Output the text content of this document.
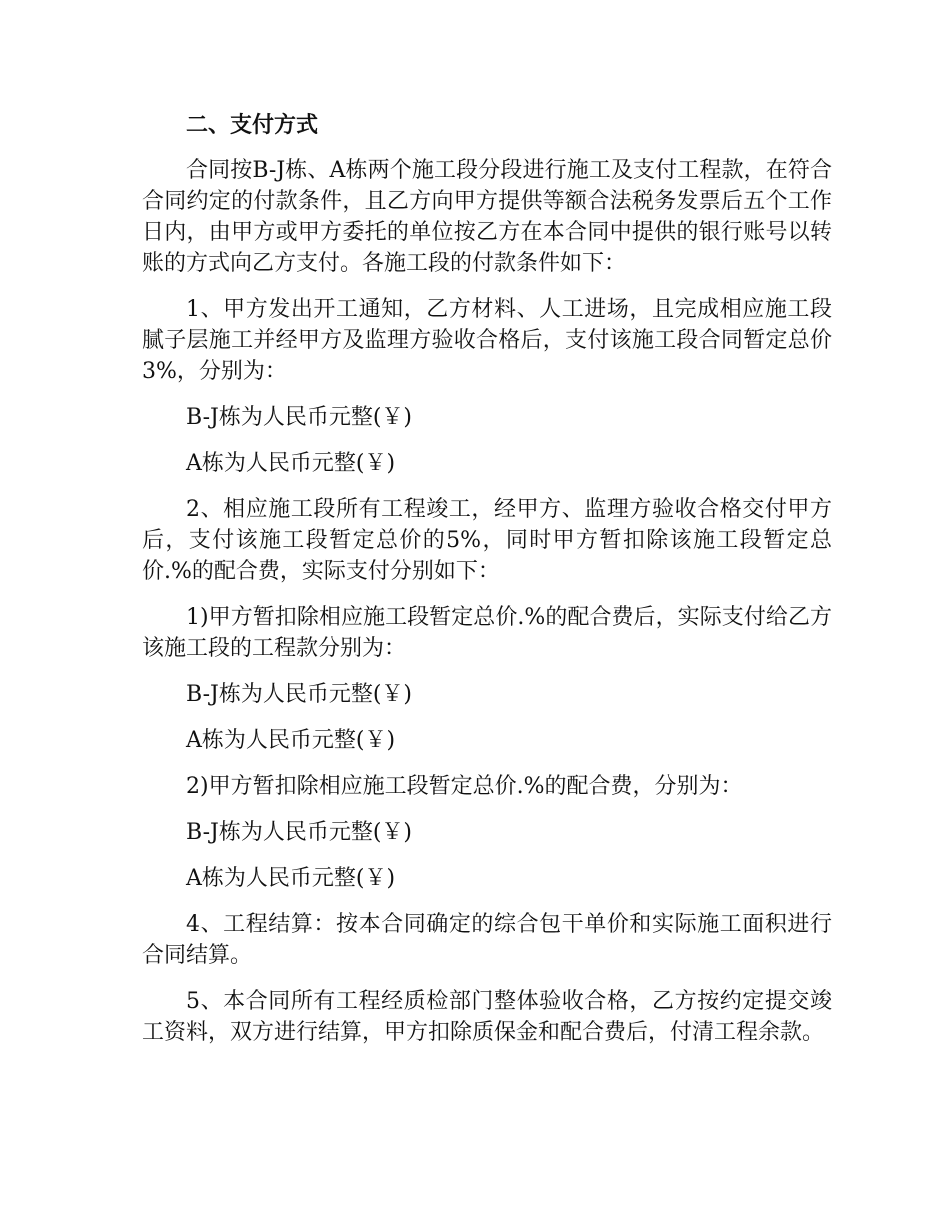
二、支付方式

合同按B-J栋、A栋两个施工段分段进行施工及支付工程款，在符合合同约定的付款条件，且乙方向甲方提供等额合法税务发票后五个工作日内，由甲方或甲方委托的单位按乙方在本合同中提供的银行账号以转账的方式向乙方支付。各施工段的付款条件如下：

1、甲方发出开工通知，乙方材料、人工进场，且完成相应施工段腻子层施工并经甲方及监理方验收合格后，支付该施工段合同暂定总价3%，分别为：

B-J栋为人民币元整(￥)

A栋为人民币元整(￥)

2、相应施工段所有工程竣工，经甲方、监理方验收合格交付甲方后，支付该施工段暂定总价的5%，同时甲方暂扣除该施工段暂定总价.%的配合费，实际支付分别如下：

1)甲方暂扣除相应施工段暂定总价.%的配合费后，实际支付给乙方该施工段的工程款分别为：

B-J栋为人民币元整(￥)

A栋为人民币元整(￥)

2)甲方暂扣除相应施工段暂定总价.%的配合费，分别为：

B-J栋为人民币元整(￥)

A栋为人民币元整(￥)

4、工程结算：按本合同确定的综合包干单价和实际施工面积进行合同结算。

5、本合同所有工程经质检部门整体验收合格，乙方按约定提交竣工资料，双方进行结算，甲方扣除质保金和配合费后，付清工程余款。
